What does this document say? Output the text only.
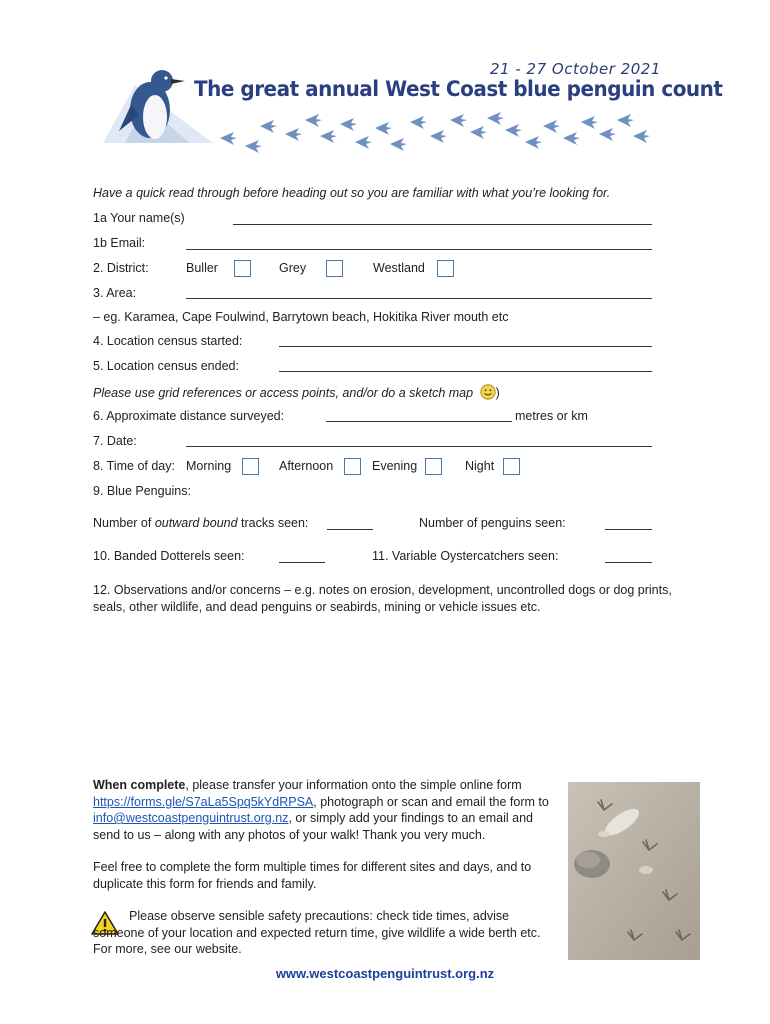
21 - 27 October 2021
The great annual West Coast blue penguin count
Have a quick read through before heading out so you are familiar with what you’re looking for.
1a Your name(s)
1b Email:
2. District:	Buller	Grey	Westland
3. Area:
– eg. Karamea, Cape Foulwind, Barrytown beach, Hokitika River mouth etc
4. Location census started:
5. Location census ended:
Please use grid references or access points, and/or do a sketch map )
6. Approximate distance surveyed:	metres or km
7. Date:
8. Time of day: Morning	Afternoon	Evening	Night
9. Blue Penguins:
Number of outward bound tracks seen:	Number of penguins seen:
10. Banded Dotterels seen:	11. Variable Oystercatchers seen:
12. Observations and/or concerns – e.g. notes on erosion, development, uncontrolled dogs or dog prints, seals, other wildlife, and dead penguins or seabirds, mining or vehicle issues etc.
When complete, please transfer your information onto the simple online form https://forms.gle/S7aLa5Spq5kYdRPSA, photograph or scan and email the form to info@westcoastpenguintrust.org.nz, or simply add your findings to an email and send to us – along with any photos of your walk! Thank you very much.
Feel free to complete the form multiple times for different sites and days, and to duplicate this form for friends and family.
Please observe sensible safety precautions: check tide times, advise someone of your location and expected return time, give wildlife a wide berth etc. For more, see our website.
www.westcoastpenguintrust.org.nz
